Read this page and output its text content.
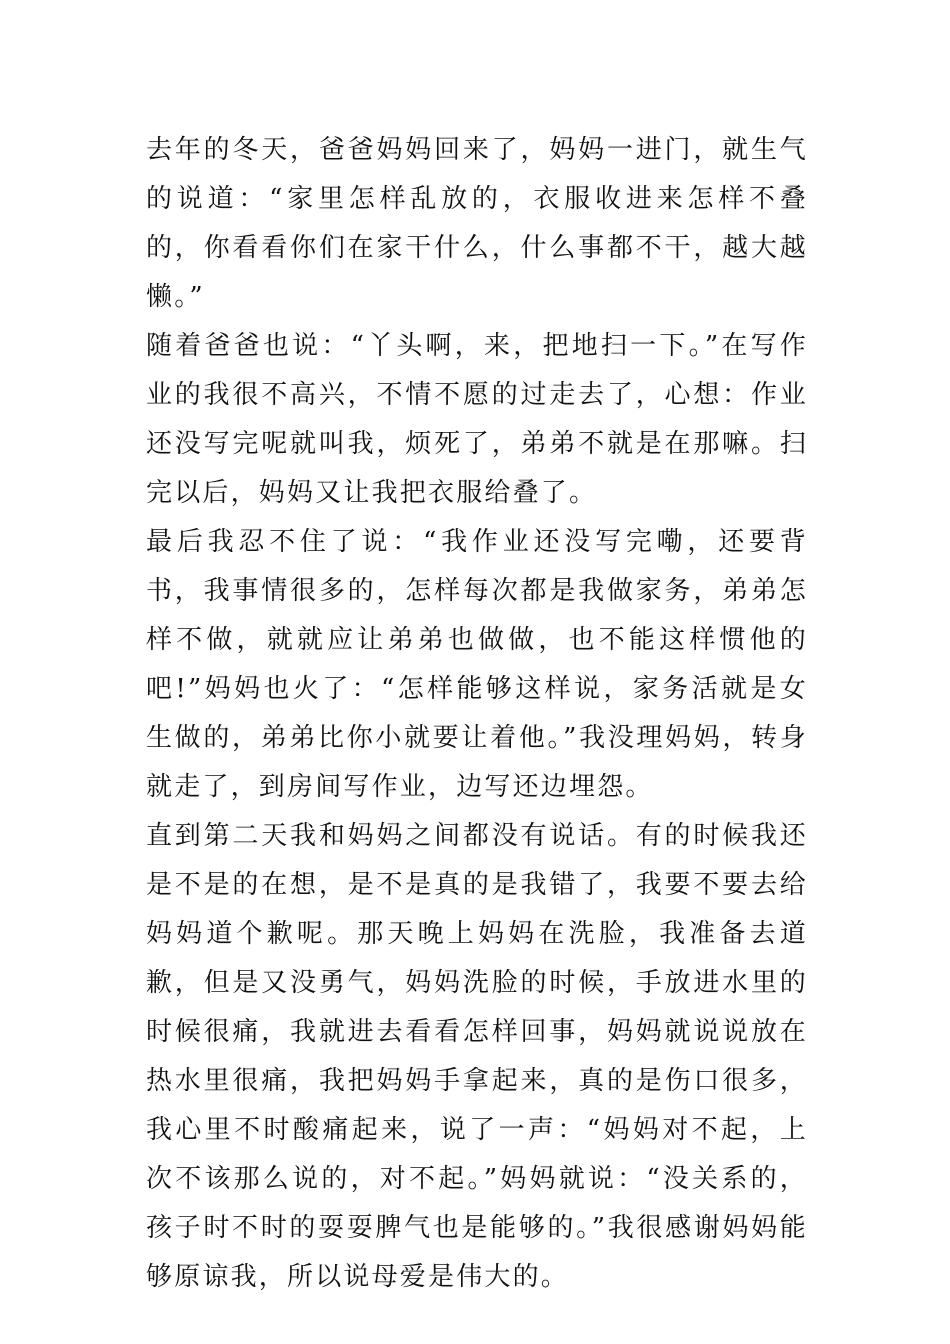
去年的冬天，爸爸妈妈回来了，妈妈一进门，就生气的说道：“家里怎样乱放的，衣服收进来怎样不叠的，你看看你们在家干什么，什么事都不干，越大越懒。”

随着爸爸也说：“丫头啊，来，把地扫一下。”在写作业的我很不高兴，不情不愿的过走去了，心想：作业还没写完呢就叫我，烦死了，弟弟不就是在那嘛。扫完以后，妈妈又让我把衣服给叠了。

最后我忍不住了说：“我作业还没写完嘞，还要背书，我事情很多的，怎样每次都是我做家务，弟弟怎样不做，就就应让弟弟也做做，也不能这样惯他的吧!”妈妈也火了：“怎样能够这样说，家务活就是女生做的，弟弟比你小就要让着他。”我没理妈妈，转身就走了，到房间写作业，边写还边埋怨。

直到第二天我和妈妈之间都没有说话。有的时候我还是不是的在想，是不是真的是我错了，我要不要去给妈妈道个歉呢。那天晚上妈妈在洗脸，我准备去道歉，但是又没勇气，妈妈洗脸的时候，手放进水里的时候很痛，我就进去看看怎样回事，妈妈就说说放在热水里很痛，我把妈妈手拿起来，真的是伤口很多，我心里不时酸痛起来，说了一声：“妈妈对不起，上次不该那么说的，对不起。”妈妈就说：“没关系的，孩子时不时的耍耍脾气也是能够的。”我很感谢妈妈能够原谅我，所以说母爱是伟大的。
